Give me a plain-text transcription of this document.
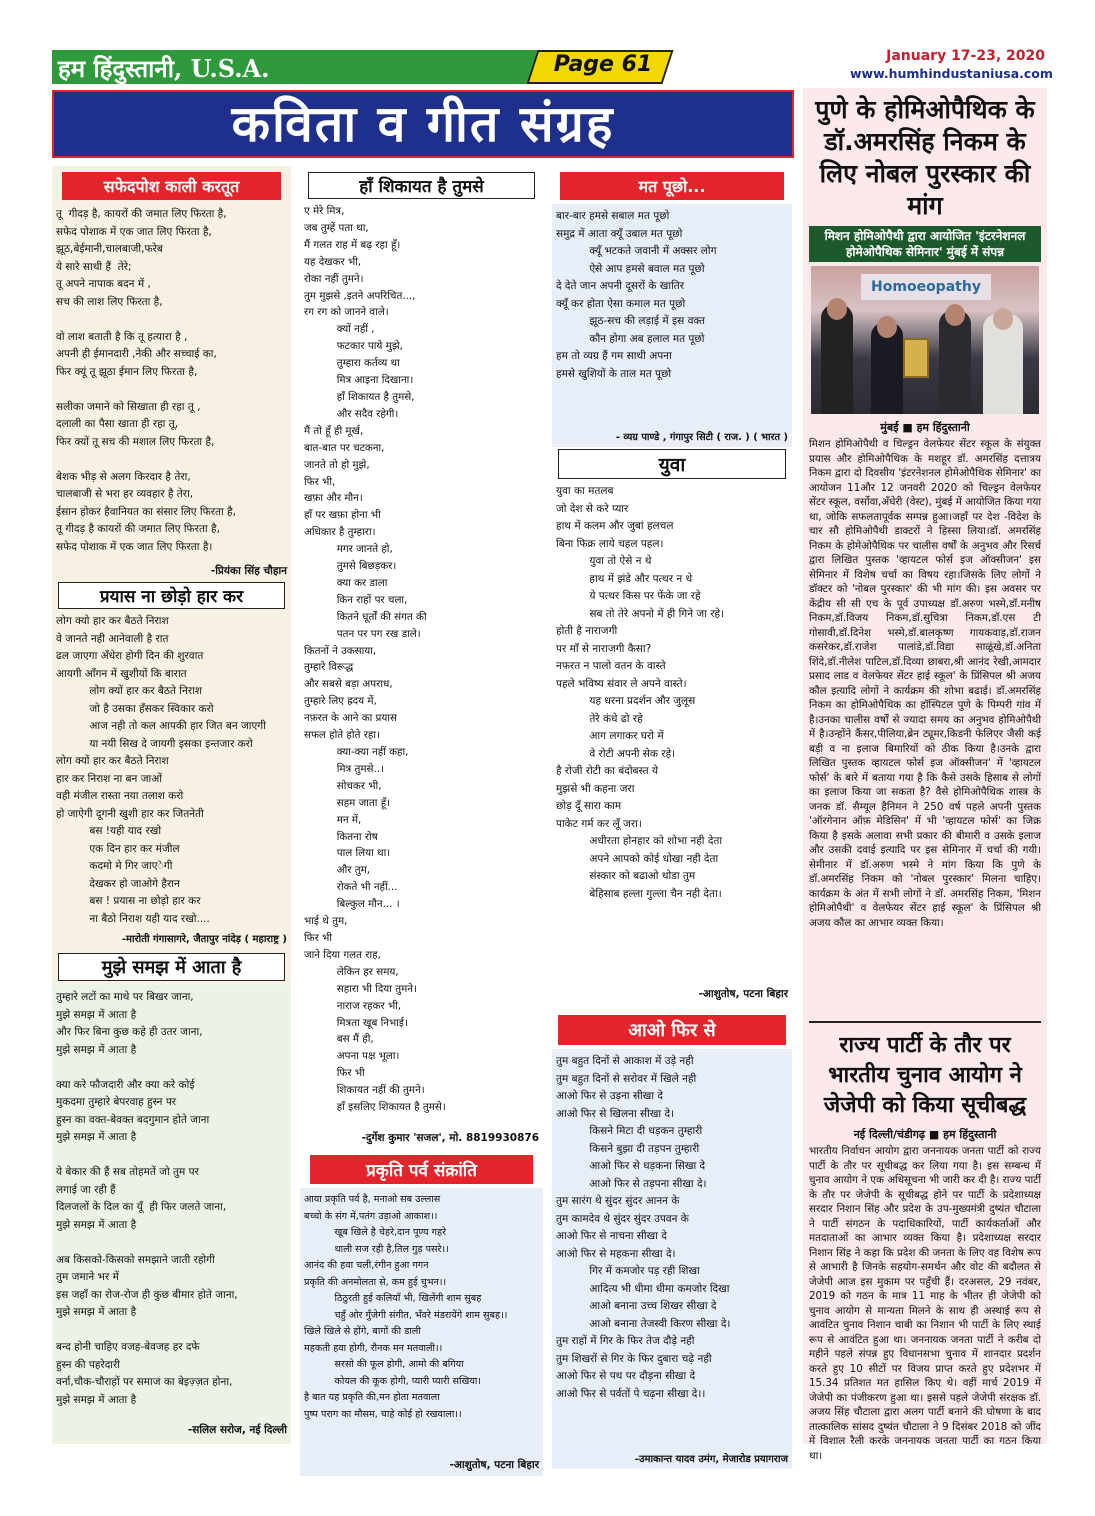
हम हिंदुस्तानी, U.S.A.	Page 61	January 17-23, 2020
www.humhindustaniusa.com
कविता व गीत संग्रह
सफेदपोश काली करतूत
तू  गीदड़ है, कायरों की जमात लिए फिरता है,
सफेद पोशाक में एक जात लिए फिरता है,
झूठ,बेईमानी,चालबाजी,फरेब
ये सारे साथी हैं  तेरे;
तू अपने नापाक बदन में ,
सच की लाश लिए फिरता है,

वो लाश बताती है कि तू हत्यारा है ,
अपनी ही ईमानदारी ,नेकी और सच्चाई का,
फिर क्यूं तू झूठा ईमान लिए फिरता है,

सलीका जमाने को सिखाता ही रहा तू ,
दलाली का पैसा खाता ही रहा तू,
फिर क्यों तू सच की मशाल लिए फिरता है,

बेशक भीड़ से अलग किरदार है तेरा,
चालबाजी से भरा हर व्यवहार है तेरा,
ईसान होकर हैवानियत का संसार लिए फिरता है,
तू गीदड़ है कायरों की जमात लिए फिरता है,
सफेद पोशाक में एक जात लिए फिरता है।
-प्रियंका सिंह चौहान
प्रयास ना छोड़ो हार कर
लोग क्यो हार कर बैठते निराश
वे जानते नही आनेवाली है रात
ढल जाएगा अँधेरा होगी दिन की शुरवात
आयगी आँगन में खुशीयों कि बारात
लोग क्यों हार कर बैठते निराश
जो है उसका हँसकर स्विकार करो
आज नही तो कल आपकी हार जित बन जाएगी
या नयी सिख दे जायगी इसका इन्तजार करो
लोग क्यों हार कर बैठते निराश
हार कर निराश ना बन जाओं
वही मंजील रास्ता नया तलाश करो
हो जाऐगी दूगनी खुशी हार कर जितनेती
बस !यही याद रखो
एक दिन हार कर मंजील
कदमो मे गिर जाएेगी
देखकर हो जाओगे हैरान
बस ! प्रयास ना छोड़ो हार कर
ना बैठो निराश यही याद रखो....
-मारोती गंगासागरे, जैतापुर नांदेड़ ( महाराष्ट्र )
मुझे समझ में आता है
तुम्हारे लटों का माथे पर बिखर जाना,
मुझे समझ में आता है
और फिर बिना कुछ कहे ही उतर जाना,
मुझे समझ में आता है

क्या करे फौजदारी और क्या करे कोई
मुकदमा तुम्हारे बेपरवाह हुस्न पर
हुस्न का वक्त-बेवक्त बदगुमान होते जाना
मुझे समझ में आता है

ये बेकार की हैं सब तोहमतें जो तुम पर
लगाई जा रही हैं
दिलजलों के दिल का यूँ  ही फिर जलते जाना,
मुझे समझ में आता है

अब किसको-किसको समझाने जाती रहोगी
तुम जमाने भर में
इस जहाँ का रोज-रोज ही कुछ बीमार होते जाना,
मुझे समझ में आता है

बन्द होनी चाहिए वजह-बेवजह हर दफे
हुस्न की पहरेदारी
वर्ना,चौक-चौराहों पर समाज का बेइज़्ज़त होना,
मुझे समझ में आता है
-सलिल सरोज, नई दिल्ली
हाँ शिकायत है तुमसे
ए मेरे मित्र,
जब तुम्हें पता था,
मैं गलत राह में बढ़ रहा हूँ।
यह देखकर भी,
रोका नहीं तुमने।
तुम मुझसे ,इतने अपरिचित...,
रग रग को जानने वाले।
क्यों नहीं ,
फटकार पाये मुझे,
तुम्हारा कर्तव्य था
मित्र आइना दिखाना।
हाँ शिकायत है तुमसे,
और सदैव रहेगी।
मैं तो हूँ ही मूर्ख,
बात-बात पर चटकना,
जानते तो हो मुझे,
फिर भी,
खफ़ा और मौन।
हाँ पर खफ़ा होना भी
अधिकार है तुम्हारा।
मगर जानते हो,
तुमसे बिछड़कर।
क्या कर डाला
किन राहों पर चला,
कितने धूर्तों की संगत की
पतन पर पग रख डाले।
कितनों ने उकसाया,
तुम्हारे विरूद्ध
और सबसे बड़ा अपराध,
तुम्हारे लिए ह्रदय में,
नफ़रत के आने का प्रयास
सफल होते होते रहा।
क्या-क्या नहीं कहा,
मित्र तुमसे..।
सोचकर भी,
सहम जाता हूँ।
मन में,
कितना रोष
पाल लिया था।
और तुम,
रोकते भी नहीं...
बिल्कुल मौन... ।
भाई थे तुम,
फिर भी
जाने दिया गलत राह,
लेकिन हर समय,
सहारा भी दिया तुमने।
नाराज रहकर भी,
मित्रता खूब निभाई।
बस मैं ही,
अपना पक्ष भूला।
फिर भी
शिकायत नहीं की तुमने।
हाँ इसलिए शिकायत है तुमसे।
-दुर्गेश कुमार 'सजल', मो. 8819930876
प्रकृति पर्व संक्रांति
आया प्रकृति पर्व है, मनाओ सब उल्लास
बच्चो के संग में,पतंग उड़ाओ आकाश।।
खूब खिले है चेहरे,दान पूण्य गहरे
थाली सज रही है,तिल गुड़ पसरे।।
आनंद की हवा चली,रंगीन हुआ गगन
प्रकृति की अनमोलता से, कम हुई चुभन।।
ठिठुरती हुई कलियाँ भी, खिलेंगी शाम सुबह
चहुँ ओर गुँजेगी संगीत, भँवरे मंडरायेंगे शाम सुबह।।
खिले खिले से होंगे, बागों की डाली
महकती हवा होगी, रौनक मन मतवाली।।
सरसो की फूल होगी, आमो की बगिया
कोयल की कूक होगी, प्यारी प्यारी सखिया।
है बात यह प्रकृति की,मन होता मतवाला
पुष्प पराग का मौसम, चाहे कोई हो रखवाला।।
-आशुतोष, पटना बिहार
मत पूछो...
बार-बार हमसे सबाल मत पूछो
समुद्र में आता क्यूँ उबाल मत पूछो
क्यूँ भटकते जवानी में अक्सर लोग
ऐसे आप हमसे बवाल मत पूछो
दे देते जान अपनी दूसरों के खातिर
क्यूँ कर होता ऐसा कमाल मत पूछो
झूठ-सच की लड़ाई में इस वक्त
कौन होगा अब हलाल मत पूछो
हम तो व्यग्र हैं गम साथी अपना
हमसे खुशियों के ताल मत पूछो
- व्यग्र पाण्डे , गंगापुर सिटी ( राज. ) ( भारत )
युवा
युवा का मतलब
जो देश से करे प्यार
हाथ में कलम और जुबां हलचल
बिना फिक्र लाये चहल पहल।
युवा तो ऐसे न थे
हाथ में झंडे और पत्थर न थे
ये पत्थर किस पर फेंके जा रहे
सब तो तेरे अपनो में ही गिने जा रहे।
होती है नाराजगी
पर माँ से नाराजगी कैसा?
नफरत न पालो वतन के वास्ते
पहले भविष्य संवार ले अपने वास्ते।
यह धरना प्रदर्शन और जुलूस
तेरे कंधे ढो रहे
आग लगाकर घरो में
वे रोटी अपनी सेक रहे।
है रोजी रोटी का बंदोबस्त ये
मुझसे भी कहना जरा
छोड़ दूँ सारा काम
पाकेट गर्म कर लूँ जरा।
अधीरता होनहार को शोभा नही देता
अपने आपको कोई धोखा नही देता
संस्कार को बढाओ थोडा तुम
बेहिसाब हल्ला गुल्ला चैन नही देता।
-आशुतोष, पटना बिहार
आओ फिर से
तुम बहुत दिनों से आकाश में उड़े नही
तुम बहुत दिनों से सरोवर में खिले नही
आओ फिर से उड़ना सीखा दे
आओ फिर से खिलना सीखा दे।
किसने मिटा दी धड़कन तुम्हारी
किसने बुझा दी तड़पन तुम्हारी
आओ फिर से धड़कना सिखा दे
आओ फिर से तड़पना सीखा दे।
तुम सारंग थे सुंदर सुंदर आनन के
तुम कामदेव थे सुंदर सुंदर उपवन के
आओ फिर से नाचना सीखा दे
आओ फिर से महकना सीखा दे।
गिर में कमजोर पड़ रही शिखा
आदित्य भी धीमा धीमा कमजोर दिखा
आओ बनाना उच्च शिखर सीखा दे
आओ बनाना तेजस्वी किरण सीखा दे।
तुम राहों में गिर के फिर तेज दौड़े नही
तुम शिखरों से गिर के फिर दुबारा चढ़े नही
आओ फिर से पथ पर दौड़ना सीखा दे
आओ फिर से पर्वतों पे चढ़ना सीखा दे।।
-उमाकान्त यादव उमंग, मेजारोड प्रयागराज
पुणे के होमिओपैथिक के डॉ.अमरसिंह निकम के लिए नोबल पुरस्कार की मांग
मिशन होमिओपैथी द्वारा आयोजित 'इंटरनेशनल होमेओपैथिक सेमिनार' मुंबई में संपन्न
Homoeopathy
मुंबई ■ हम हिंदुस्तानी
मिशन होमिओपैथी व चिल्ड्रन वेलफेयर सेंटर स्कूल के संयुक्त प्रयास और होमिओपैथिक के मशहूर डॉ. अमरसिंह दत्तात्रय निकम द्वारा दो दिवसीय 'इंटरनेशनल होमेओपैथिक सेमिनार' का आयोजन 11और 12 जनवरी 2020 को चिल्ड्रन वेलफेयर सेंटर स्कूल, वर्सोवा,अँधेरी (वेस्ट), मुंबई में आयोजित किया गया था, जोकि सफलतापूर्वक सम्पन्न हुआ।जहाँ पर देश -विदेश के चार सौ होमिओपैथी डाक्टरों ने हिस्सा लिया।डॉ. अमरसिंह निकम के होमेओपैथिक पर चालीस वर्षों के अनुभव और रिसर्च द्वारा लिखित पुस्तक 'व्हायटल फोर्स इज ऑक्सीजन' इस सेमिनार में विशेष चर्चा का विषय रहा।जिसके लिए लोगों ने डॉक्टर को 'नोबल पुरस्कार' की भी मांग की। इस अवसर पर केंद्रीय सी सी एच के पूर्व उपाध्यक्ष डॉ.अरुण भस्मे,डॉ.मनीष निकम,डॉ.विजय निकम,डॉ.सुचित्रा निकम,डॉ.एस टी गोसावी,डॉ.दिनेश भस्मे,डॉ.बालकृष्ण गायकवाड़,डॉ.राजन कसरेकर,डॉ.राजेश पालांडे,डॉ.विद्या साळूंखे,डॉ.अनिता शिंदे,डॉ.नीलेश पाटिल,डॉ.दिव्या छाबरा,श्री आनंद रेखी,आमदार प्रसाद लाड व वेलफेयर सेंटर हाई स्कूल' के प्रिंसिपल श्री अजय कौल इत्यादि लोगों ने कार्यक्रम की शोभा बढाई। डॉ.अमरसिंह निकम का होमिओपैथिक का हॉस्पिटल पुणे के पिम्परी गांव में है।उनका चालीस वर्षों से ज्यादा समय का अनुभव होमिओपैथी में है।उन्होंने कैंसर,पीलिया,ब्रेन ट्यूमर,किडनी फेलिएर जैसी कई बड़ी व ना इलाज बिमारियों को ठीक किया है।उनके द्वारा लिखित पुस्तक व्हायटल फोर्स इज ऑक्सीजन' में 'व्हायटल फोर्स' के बारे में बताया गया है कि कैसे उसके हिसाब से लोगों का इलाज किया जा सकता है? वैसे होमिओपैथिक शास्त्र के जनक डॉ. सैम्यूल हैनिमन ने 250 वर्ष पहले अपनी पुस्तक 'ऑरगेनान ऑफ़ मेडिसिन' में भी 'व्हायटल फोर्स' का जिक्र किया है इसके अलावा सभी प्रकार की बीमारी व उसके इलाज और उसकी दवाई इत्यादि पर इस सेमिनार में चर्चा की गयी। सेमीनार में डॉ.अरुण भस्मे ने मांग किया कि पुणे के डॉ.अमरसिंह निकम को 'नोबल पुरस्कार' मिलना चाहिए। कार्यक्रम के अंत में सभी लोगों ने डॉ. अमरसिंह निकम, 'मिशन होमिओपैथी' व वेलफेयर सेंटर हाई स्कूल' के प्रिंसिपल श्री अजय कौल का आभार व्यक्त किया।
राज्य पार्टी के तौर पर भारतीय चुनाव आयोग ने जेजेपी को किया सूचीबद्ध
नई दिल्ली/चंडीगढ़ ■ हम हिंदुस्तानी
भारतीय निर्वाचन आयोग द्वारा जननायक जनता पार्टी को राज्य पार्टी के तौर पर सूचीबद्ध कर लिया गया है। इस सम्बन्ध में चुनाव आयोग ने एक अधिसूचना भी जारी कर दी है। राज्य पार्टी के तौर पर जेजेपी के सूचीबद्ध होने पर पार्टी के प्रदेशाध्यक्ष सरदार निशान सिंह और प्रदेश के उप-मुख्यमंत्री दुष्यंत चौटाला ने पार्टी संगठन के पदाधिकारियों, पार्टी कार्यकर्ताओं और मतदाताओं का आभार व्यक्त किया है। प्रदेशाध्यक्ष सरदार निशान सिंह ने कहा कि प्रदेश की जनता के लिए वह विशेष रूप से आभारी है जिनके सहयोग-समर्थन और वोट की बदौलत से जेजेपी आज इस मुकाम पर पहुँची हैं। दरअसल, 29 नवंबर, 2019 को गठन के मात्र 11 माह के भीतर ही जेजेपी को चुनाव आयोग से मान्यता मिलने के साथ ही अस्थाई रूप से आवंटित चुनाव निशान चाबी का निशान भी पार्टी के लिए स्थाई रूप से आवंटित हुआ था। जननायक जनता पार्टी ने करीब दो महीने पहले संपन्न हुए विधानसभा चुनाव में शानदार प्रदर्शन करते हुए 10 सीटों पर विजय प्राप्त करते हुए प्रदेशभर में 15.34 प्रतिशत मत हासिल किए थे। वहीं मार्च 2019 में जेजेपी का पंजीकरण हुआ था। इससे पहले जेजेपी संरक्षक डॉ. अजय सिंह चौटाला द्वारा अलग पार्टी बनाने की घोषणा के बाद तात्कालिक सांसद दुष्यंत चौटाला ने 9 दिसंबर 2018 को जींद में विशाल रैली करके जननायक जनता पार्टी का गठन किया था।
